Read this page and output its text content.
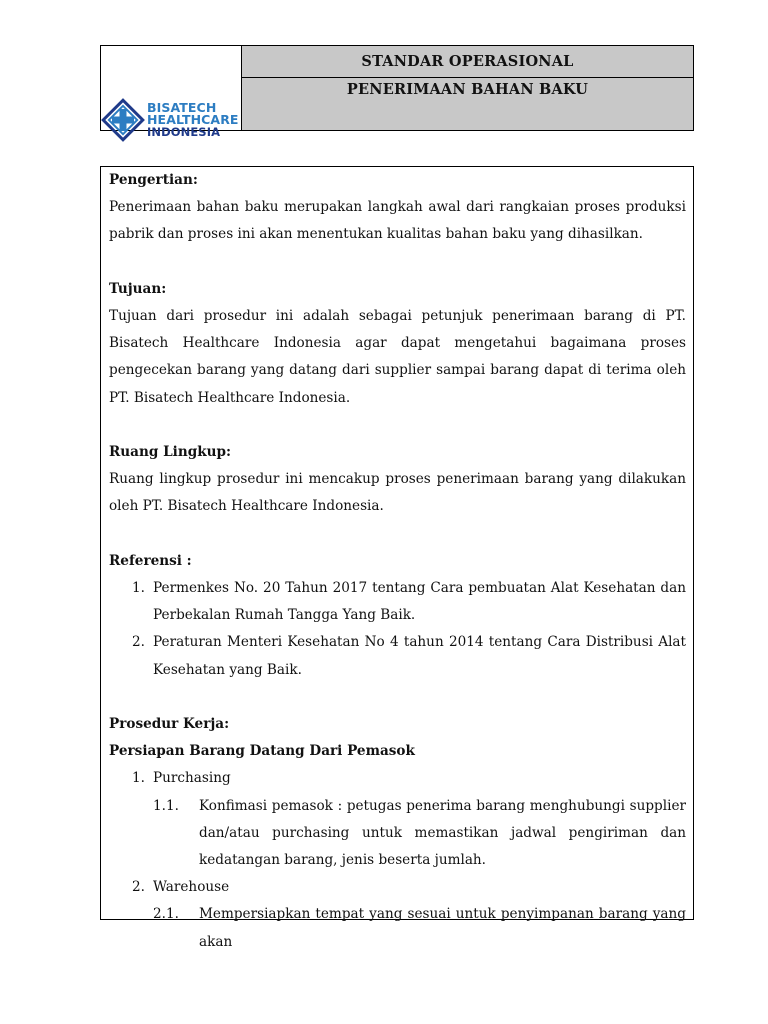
BISATECH
HEALTHCARE
INDONESIA
STANDAR OPERASIONAL
PENERIMAAN BAHAN BAKU

Pengertian:

Penerimaan bahan baku merupakan langkah awal dari rangkaian proses produksi pabrik dan proses ini akan menentukan kualitas bahan baku yang dihasilkan.

Tujuan:

Tujuan dari prosedur ini adalah sebagai petunjuk penerimaan barang di PT. Bisatech Healthcare Indonesia agar dapat mengetahui bagaimana proses pengecekan barang yang datang dari supplier sampai barang dapat di terima oleh PT. Bisatech Healthcare Indonesia.

Ruang Lingkup:

Ruang lingkup prosedur ini mencakup proses penerimaan barang yang dilakukan oleh PT. Bisatech Healthcare Indonesia.

Referensi :

1. Permenkes No. 20 Tahun 2017 tentang Cara pembuatan Alat Kesehatan dan Perbekalan Rumah Tangga Yang Baik.

2. Peraturan Menteri Kesehatan No 4 tahun 2014 tentang Cara Distribusi Alat Kesehatan yang Baik.

Prosedur Kerja:

Persiapan Barang Datang Dari Pemasok

1. Purchasing

1.1.	Konfimasi pemasok : petugas penerima barang menghubungi supplier dan/atau purchasing untuk memastikan jadwal pengiriman dan kedatangan barang, jenis beserta jumlah.

2. Warehouse

2.1.	Mempersiapkan tempat yang sesuai untuk penyimpanan barang yang akan
